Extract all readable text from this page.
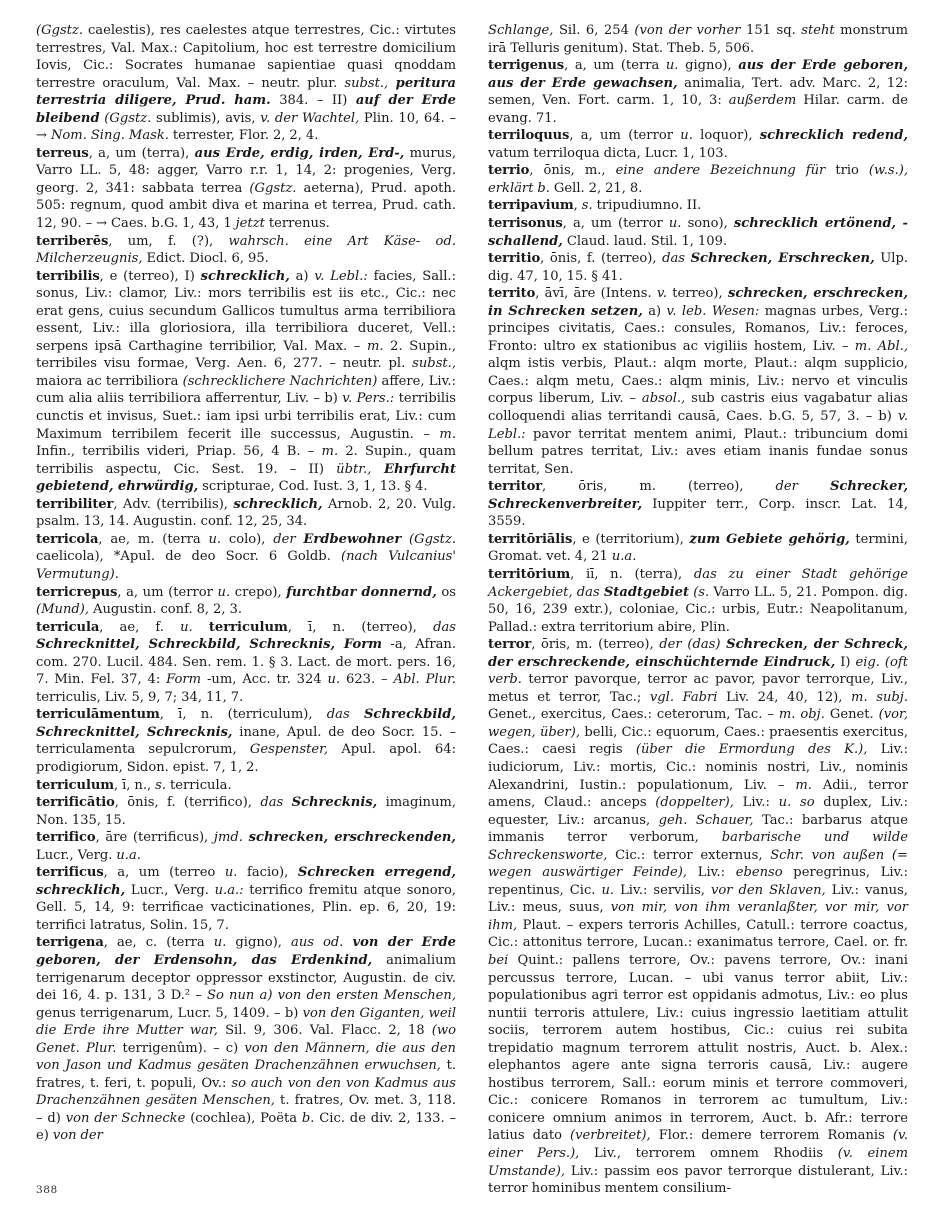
(Ggstz. caelestis), res caelestes atque terrestres, Cic.: virtutes terrestres, Val. Max.: Capitolium, hoc est terrestre domicilium Iovis, Cic.: Socrates humanae sapientiae quasi qnoddam terrestre oraculum, Val. Max. – neutr. plur. subst., peritura terrestria diligere, Prud. ham. 384. – II) auf der Erde bleibend (Ggstz. sublimis), avis, v. der Wachtel, Plin. 10, 64. – → Nom. Sing. Mask. terrester, Flor. 2, 2, 4.

terreus, a, um (terra), aus Erde, erdig, irden, Erd-, murus, Varro LL. 5, 48: agger, Varro r.r. 1, 14, 2: progenies, Verg. georg. 2, 341: sabbata terrea (Ggstz. aeterna), Prud. apoth. 505: regnum, quod ambit diva et marina et terrea, Prud. cath. 12, 90. – → Caes. b.G. 1, 43, 1 jetzt terrenus.

terriberēs, um, f. (?), wahrsch. eine Art Käse- od. Milcherzeugnis, Edict. Diocl. 6, 95.

terribilis, e (terreo), I) schrecklich, a) v. Lebl.: facies, Sall.: sonus, Liv.: clamor, Liv.: mors terribilis est iis etc., Cic.: nec erat gens, cuius secundum Gallicos tumultus arma terribiliora essent, Liv.: illa gloriosiora, illa terribiliora duceret, Vell.: serpens ipsā Carthagine terribilior, Val. Max. – m. 2. Supin., terribiles visu formae, Verg. Aen. 6, 277. – neutr. pl. subst., maiora ac terribiliora (schrecklichere Nachrichten) affere, Liv.: cum alia aliis terribiliora afferrentur, Liv. – b) v. Pers.: terribilis cunctis et invisus, Suet.: iam ipsi urbi terribilis erat, Liv.: cum Maximum terribilem fecerit ille successus, Augustin. – m. Infin., terribilis videri, Priap. 56, 4 B. – m. 2. Supin., quam terribilis aspectu, Cic. Sest. 19. – II) übtr., Ehrfurcht gebietend, ehrwürdig, scripturae, Cod. Iust. 3, 1, 13. § 4.

terribiliter, Adv. (terribilis), schrecklich, Arnob. 2, 20. Vulg. psalm. 13, 14. Augustin. conf. 12, 25, 34.

terricola, ae, m. (terra u. colo), der Erdbewohner (Ggstz. caelicola), *Apul. de deo Socr. 6 Goldb. (nach Vulcanius' Vermutung).

terricrepus, a, um (terror u. crepo), furchtbar donnernd, os (Mund), Augustin. conf. 8, 2, 3.

terricula, ae, f. u. terriculum, ī, n. (terreo), das Schrecknittel, Schreckbild, Schrecknis, Form -a, Afran. com. 270. Lucil. 484. Sen. rem. 1. § 3. Lact. de mort. pers. 16, 7. Min. Fel. 37, 4: Form -um, Acc. tr. 324 u. 623. – Abl. Plur. terriculis, Liv. 5, 9, 7; 34, 11, 7.

terriculāmentum, ī, n. (terriculum), das Schreckbild, Schrecknittel, Schrecknis, inane, Apul. de deo Socr. 15. – terriculamenta sepulcrorum, Gespenster, Apul. apol. 64: prodigiorum, Sidon. epist. 7, 1, 2.

terriculum, ī, n., s. terricula.

terrificātio, ōnis, f. (terrifico), das Schrecknis, imaginum, Non. 135, 15.

terrifico, āre (terrificus), jmd. schrecken, erschreckenden, Lucr., Verg. u.a.

terrificus, a, um (terreo u. facio), Schrecken erregend, schrecklich, Lucr., Verg. u.a.: terrifico fremitu atque sonoro, Gell. 5, 14, 9: terrificae vacticinationes, Plin. ep. 6, 20, 19: terrifici latratus, Solin. 15, 7.

terrigena, ae, c. (terra u. gigno), aus od. von der Erde geboren, der Erdensohn, das Erdenkind, animalium terrigenarum deceptor oppressor exstinctor, Augustin. de civ. dei 16, 4. p. 131, 3 D.² – So nun a) von den ersten Menschen, genus terrigenarum, Lucr. 5, 1409. – b) von den Giganten, weil die Erde ihre Mutter war, Sil. 9, 306. Val. Flacc. 2, 18 (wo Genet. Plur. terrigenûm). – c) von den Männern, die aus den von Jason und Kadmus gesäten Drachenzähnen erwuchsen, t. fratres, t. feri, t. populi, Ov.: so auch von den von Kadmus aus Drachenzähnen gesäten Menschen, t. fratres, Ov. met. 3, 118. – d) von der Schnecke (cochlea), Poëta b. Cic. de div. 2, 133. – e) von der

Schlange, Sil. 6, 254 (von der vorher 151 sq. steht monstrum irā Telluris genitum). Stat. Theb. 5, 506.

terrigenus, a, um (terra u. gigno), aus der Erde geboren, aus der Erde gewachsen, animalia, Tert. adv. Marc. 2, 12: semen, Ven. Fort. carm. 1, 10, 3: außerdem Hilar. carm. de evang. 71.

terriloquus, a, um (terror u. loquor), schrecklich redend, vatum terriloqua dicta, Lucr. 1, 103.

terrio, ōnis, m., eine andere Bezeichnung für trio (w.s.), erklärt b. Gell. 2, 21, 8.

terripavium, s. tripudiumno. II.

terrisonus, a, um (terror u. sono), schrecklich ertönend, -schallend, Claud. laud. Stil. 1, 109.

territio, ōnis, f. (terreo), das Schrecken, Erschrecken, Ulp. dig. 47, 10, 15. § 41.

territo, āvī, āre (Intens. v. terreo), schrecken, erschrecken, in Schrecken setzen, a) v. leb. Wesen: magnas urbes, Verg.: principes civitatis, Caes.: consules, Romanos, Liv.: feroces, Fronto: ultro ex stationibus ac vigiliis hostem, Liv. – m. Abl., alqm istis verbis, Plaut.: alqm morte, Plaut.: alqm supplicio, Caes.: alqm metu, Caes.: alqm minis, Liv.: nervo et vinculis corpus liberum, Liv. – absol., sub castris eius vagabatur alias colloquendi alias territandi causā, Caes. b.G. 5, 57, 3. – b) v. Lebl.: pavor territat mentem animi, Plaut.: tribuncium domi bellum patres territat, Liv.: aves etiam inanis fundae sonus territat, Sen.

territor, ōris, m. (terreo), der Schrecker, Schreckenverbreiter, Iuppiter terr., Corp. inscr. Lat. 14, 3559.

territōriālis, e (territorium), zum Gebiete gehörig, termini, Gromat. vet. 4, 21 u.a.

territōrium, iī, n. (terra), das zu einer Stadt gehörige Ackergebiet, das Stadtgebiet (s. Varro LL. 5, 21. Pompon. dig. 50, 16, 239 extr.), coloniae, Cic.: urbis, Eutr.: Neapolitanum, Pallad.: extra territorium abire, Plin.

terror, ōris, m. (terreo), der (das) Schrecken, der Schreck, der erschreckende, einschüchternde Eindruck, I) eig. (oft verb. terror pavorque, terror ac pavor, pavor terrorque, Liv., metus et terror, Tac.; vgl. Fabri Liv. 24, 40, 12), m. subj. Genet., exercitus, Caes.: ceterorum, Tac. – m. obj. Genet. (vor, wegen, über), belli, Cic.: equorum, Caes.: praesentis exercitus, Caes.: caesi regis (über die Ermordung des K.), Liv.: iudiciorum, Liv.: mortis, Cic.: nominis nostri, Liv., nominis Alexandrini, Iustin.: populationum, Liv. – m. Adii., terror amens, Claud.: anceps (doppelter), Liv.: u. so duplex, Liv.: equester, Liv.: arcanus, geh. Schauer, Tac.: barbarus atque immanis terror verborum, barbarische und wilde Schreckensworte, Cic.: terror externus, Schr. von außen (= wegen auswärtiger Feinde), Liv.: ebenso peregrinus, Liv.: repentinus, Cic. u. Liv.: servilis, vor den Sklaven, Liv.: vanus, Liv.: meus, suus, von mir, von ihm veranlaßter, vor mir, vor ihm, Plaut. – expers terroris Achilles, Catull.: terrore coactus, Cic.: attonitus terrore, Lucan.: exanimatus terrore, Cael. or. fr. bei Quint.: pallens terrore, Ov.: pavens terrore, Ov.: inani percussus terrore, Lucan. – ubi vanus terror abiit, Liv.: populationibus agri terror est oppidanis admotus, Liv.: eo plus nuntii terroris attulere, Liv.: cuius ingressio laetitiam attulit sociis, terrorem autem hostibus, Cic.: cuius rei subita trepidatio magnum terrorem attulit nostris, Auct. b. Alex.: elephantos agere ante signa terroris causā, Liv.: augere hostibus terrorem, Sall.: eorum minis et terrore commoveri, Cic.: conicere Romanos in terrorem ac tumultum, Liv.: conicere omnium animos in terrorem, Auct. b. Afr.: terrore latius dato (verbreitet), Flor.: demere terrorem Romanis (v. einer Pers.), Liv., terrorem omnem Rhodiis (v. einem Umstande), Liv.: passim eos pavor terrorque distulerant, Liv.: terror hominibus mentem consilium-

388
